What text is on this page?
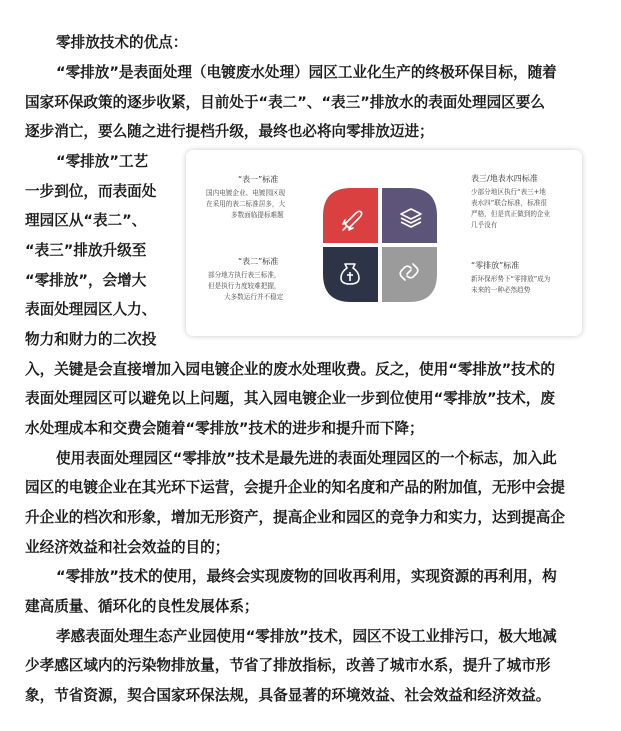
零排放技术的优点：
“零排放”是表面处理（电镀废水处理）园区工业化生产的终极环保目标，随着
国家环保政策的逐步收紧，目前处于“表二”、“表三”排放水的表面处理园区要么
逐步消亡，要么随之进行提档升级，最终也必将向零排放迈进；
“零排放”工艺
一步到位，而表面处
理园区从“表二”、
“表三”排放升级至
“零排放”，会增大
表面处理园区人力、
物力和财力的二次投
入，关键是会直接增加入园电镀企业的废水处理收费。反之，使用“零排放”技术的
表面处理园区可以避免以上问题，其入园电镀企业一步到位使用“零排放”技术，废
水处理成本和交费会随着“零排放”技术的进步和提升而下降；
使用表面处理园区“零排放”技术是最先进的表面处理园区的一个标志，加入此
园区的电镀企业在其光环下运营，会提升企业的知名度和产品的附加值，无形中会提
升企业的档次和形象，增加无形资产，提高企业和园区的竞争力和实力，达到提高企
业经济效益和社会效益的目的；
“零排放”技术的使用，最终会实现废物的回收再利用，实现资源的再利用，构
建高质量、循环化的良性发展体系；
孝感表面处理生态产业园使用“零排放”技术，园区不设工业排污口，极大地减
少孝感区域内的污染物排放量，节省了排放指标，改善了城市水系，提升了城市形
象，节省资源，契合国家环保法规，具备显著的环境效益、社会效益和经济效益。
“表一”标准
国内电镀企业、电镀园区现
在采用的表二标准居多，大
多数面临提标难题
“表二”标准
部分地方执行表三标准，
但是执行力度较难把握，
大多数运行并不稳定
表三/地表水四标准
少部分地区执行“表三+地
表水四”联合标准，标准很
严格，但是真正做到的企业
几乎没有
“零排放”标准
新环保形势下“零排放”成为
未来的一种必然趋势
